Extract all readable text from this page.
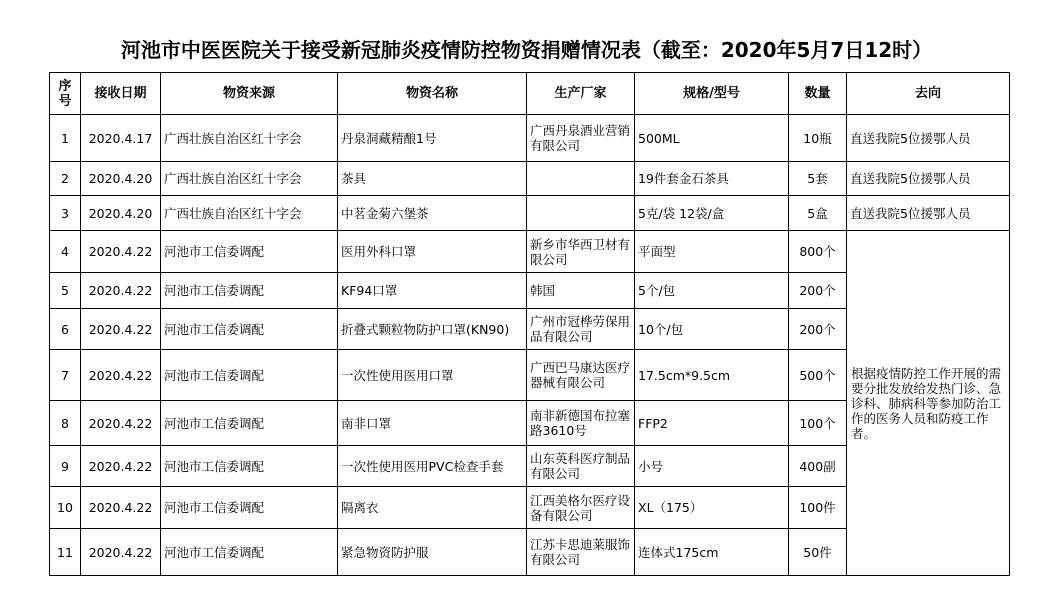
河池市中医医院关于接受新冠肺炎疫情防控物资捐赠情况表（截至：2020年5月7日12时）
序号	接收日期	物资来源	物资名称	生产厂家	规格/型号	数量	去向
1	2020.4.17	广西壮族自治区红十字会	丹泉洞藏精酿1号	广西丹泉酒业营销有限公司	500ML	10瓶	直送我院5位援鄂人员
2	2020.4.20	广西壮族自治区红十字会	茶具		19件套金石茶具	5套	直送我院5位援鄂人员
3	2020.4.20	广西壮族自治区红十字会	中茗金菊六堡茶		5克/袋 12袋/盒	5盒	直送我院5位援鄂人员
4	2020.4.22	河池市工信委调配	医用外科口罩	新乡市华西卫材有限公司	平面型	800个	根据疫情防控工作开展的需要分批发放给发热门诊、急诊科、肺病科等参加防治工作的医务人员和防疫工作者。
5	2020.4.22	河池市工信委调配	KF94口罩	韩国	5个/包	200个	
6	2020.4.22	河池市工信委调配	折叠式颗粒物防护口罩(KN90)	广州市冠桦劳保用品有限公司	10个/包	200个	
7	2020.4.22	河池市工信委调配	一次性使用医用口罩	广西巴马康达医疗器械有限公司	17.5cm*9.5cm	500个	
8	2020.4.22	河池市工信委调配	南非口罩	南非新德国布拉塞路3610号	FFP2	100个	
9	2020.4.22	河池市工信委调配	一次性使用医用PVC检查手套	山东英科医疗制品有限公司	小号	400副	
10	2020.4.22	河池市工信委调配	隔离衣	江西美格尔医疗设备有限公司	XL（175）	100件	
11	2020.4.22	河池市工信委调配	紧急物资防护服	江苏卡思迪莱服饰有限公司	连体式175cm	50件	
